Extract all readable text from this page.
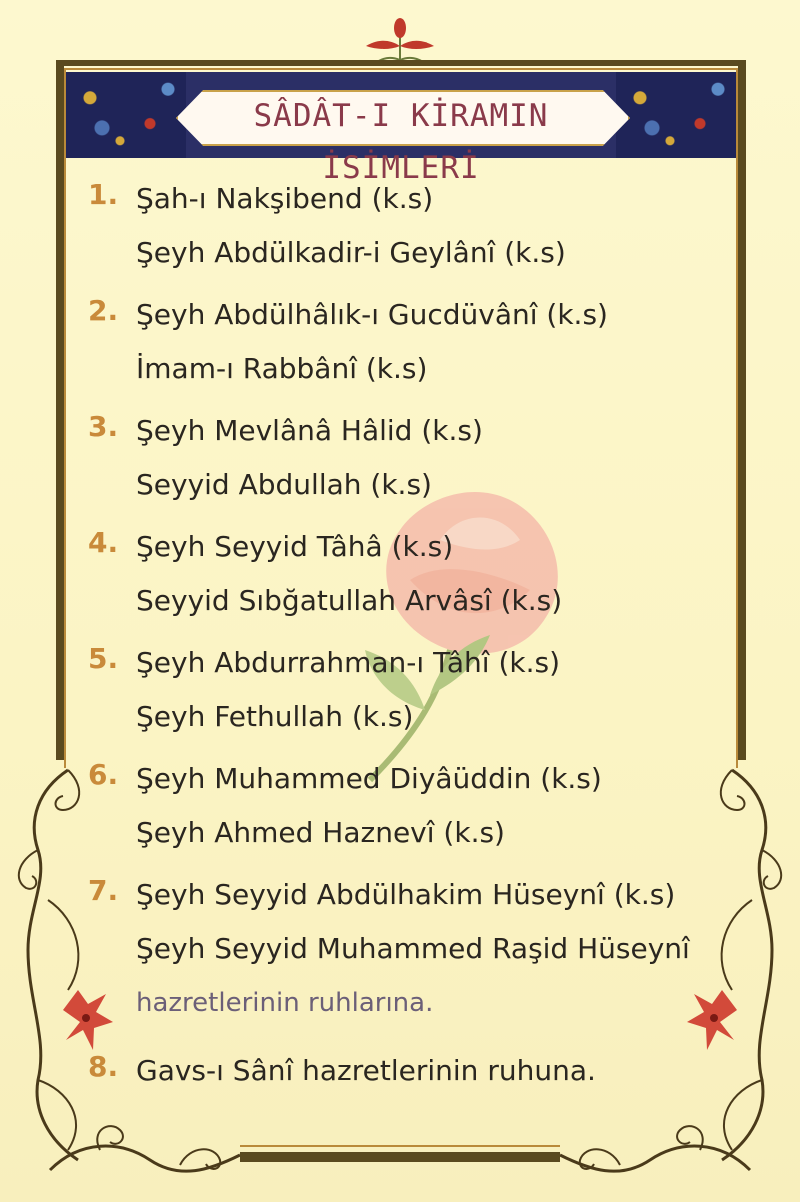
SÂDÂT-I KİRAMIN İSİMLERİ
1. Şah-ı Nakşibend (k.s)
Şeyh Abdülkadir-i Geylânî (k.s)
2. Şeyh Abdülhâlık-ı Gucdüvânî (k.s)
İmam-ı Rabbânî (k.s)
3. Şeyh Mevlânâ Hâlid (k.s)
Seyyid Abdullah (k.s)
4. Şeyh Seyyid Tâhâ (k.s)
Seyyid Sıbğatullah Arvâsî (k.s)
5. Şeyh Abdurrahman-ı Tâhî (k.s)
Şeyh Fethullah (k.s)
6. Şeyh Muhammed Diyâüddin (k.s)
Şeyh Ahmed Haznevî (k.s)
7. Şeyh Seyyid Abdülhakim Hüseynî (k.s)
Şeyh Seyyid Muhammed Raşid Hüseynî
hazretlerinin ruhlarına.
8. Gavs-ı Sânî hazretlerinin ruhuna.
